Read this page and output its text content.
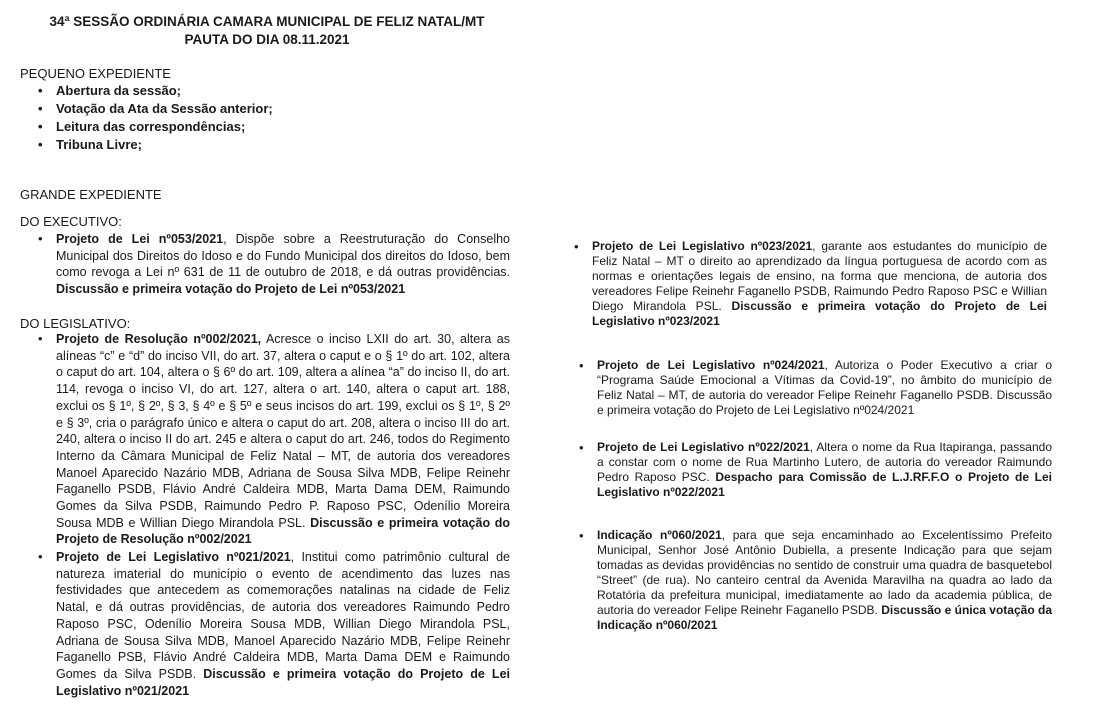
34ª SESSÃO ORDINÁRIA CAMARA MUNICIPAL DE FELIZ NATAL/MT
PAUTA DO DIA 08.11.2021
PEQUENO EXPEDIENTE
• Abertura da sessão;
• Votação da Ata da Sessão anterior;
• Leitura das correspondências;
• Tribuna Livre;
GRANDE EXPEDIENTE
DO EXECUTIVO:
• Projeto de Lei nº053/2021, Dispõe sobre a Reestruturação do Conselho Municipal dos Direitos do Idoso e do Fundo Municipal dos direitos do Idoso, bem como revoga a Lei nº 631 de 11 de outubro de 2018, e dá outras providências. Discussão e primeira votação do Projeto de Lei nº053/2021
DO LEGISLATIVO:
• Projeto de Resolução nº002/2021, Acresce o inciso LXII do art. 30, altera as alíneas “c” e “d” do inciso VII, do art. 37, altera o caput e o § 1º do art. 102, altera o caput do art. 104, altera o § 6º do art. 109, altera a alínea “a” do inciso II, do art. 114, revoga o inciso VI, do art. 127, altera o art. 140, altera o caput art. 188, exclui os § 1º, § 2º, § 3, § 4º e § 5º e seus incisos do art. 199, exclui os § 1º, § 2º e § 3º, cria o parágrafo único e altera o caput do art. 208, altera o inciso III do art. 240, altera o inciso II do art. 245 e altera o caput do art. 246, todos do Regimento Interno da Câmara Municipal de Feliz Natal – MT, de autoria dos vereadores Manoel Aparecido Nazário MDB, Adriana de Sousa Silva MDB, Felipe Reinehr Faganello PSDB, Flávio André Caldeira MDB, Marta Dama DEM, Raimundo Gomes da Silva PSDB, Raimundo Pedro P. Raposo PSC, Odenílio Moreira Sousa MDB e Willian Diego Mirandola PSL. Discussão e primeira votação do Projeto de Resolução nº002/2021
• Projeto de Lei Legislativo nº021/2021, Institui como patrimônio cultural de natureza imaterial do município o evento de acendimento das luzes nas festividades que antecedem as comemorações natalinas na cidade de Feliz Natal, e dá outras providências, de autoria dos vereadores Raimundo Pedro Raposo PSC, Odenílio Moreira Sousa MDB, Willian Diego Mirandola PSL, Adriana de Sousa Silva MDB, Manoel Aparecido Nazário MDB, Felipe Reinehr Faganello PSB, Flávio André Caldeira MDB, Marta Dama DEM e Raimundo Gomes da Silva PSDB. Discussão e primeira votação do Projeto de Lei Legislativo nº021/2021
• Projeto de Lei Legislativo nº023/2021, garante aos estudantes do município de Feliz Natal – MT o direito ao aprendizado da língua portuguesa de acordo com as normas e orientações legais de ensino, na forma que menciona, de autoria dos vereadores Felipe Reinehr Faganello PSDB, Raimundo Pedro Raposo PSC e Willian Diego Mirandola PSL. Discussão e primeira votação do Projeto de Lei Legislativo nº023/2021
• Projeto de Lei Legislativo nº024/2021, Autoriza o Poder Executivo a criar o “Programa Saúde Emocional a Vítimas da Covid-19”, no âmbito do município de Feliz Natal – MT, de autoria do vereador Felipe Reinehr Faganello PSDB. Discussão e primeira votação do Projeto de Lei Legislativo nº024/2021
• Projeto de Lei Legislativo nº022/2021, Altera o nome da Rua Itapiranga, passando a constar com o nome de Rua Martinho Lutero, de autoria do vereador Raimundo Pedro Raposo PSC. Despacho para Comissão de L.J.RF.F.O o Projeto de Lei Legislativo nº022/2021
• Indicação nº060/2021, para que seja encaminhado ao Excelentíssimo Prefeito Municipal, Senhor José Antônio Dubiella, a presente Indicação para que sejam tomadas as devidas providências no sentido de construir uma quadra de basquetebol “Street” (de rua). No canteiro central da Avenida Maravilha na quadra ao lado da Rotatória da prefeitura municipal, imediatamente ao lado da academia pública, de autoria do vereador Felipe Reinehr Faganello PSDB. Discussão e única votação da Indicação nº060/2021
